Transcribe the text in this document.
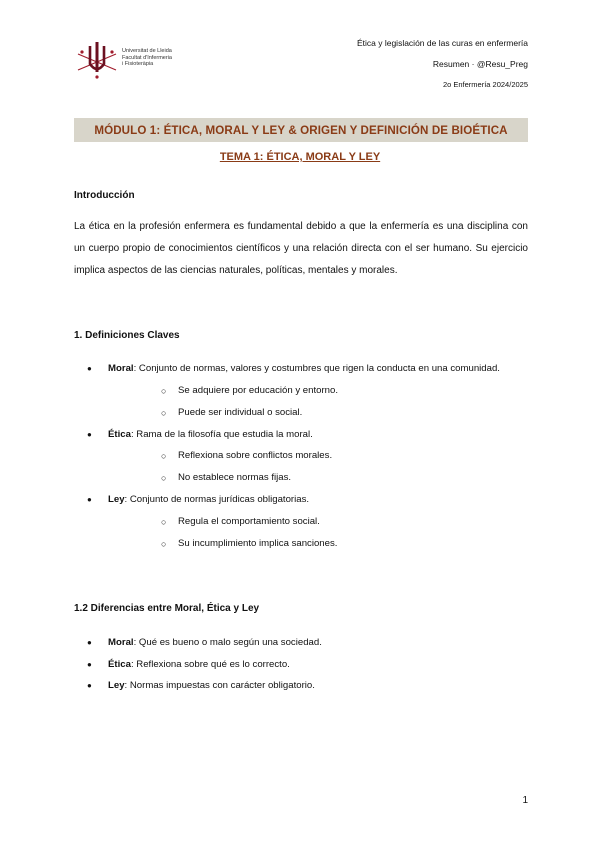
Universitat de Lleida
Facultat d'Infermeria
i Fisioteràpia
Ética y legislación de las curas en enfermería
Resumen · @Resu_Preg
2o Enfermería 2024/2025
MÓDULO 1: ÉTICA, MORAL Y LEY & ORIGEN Y DEFINICIÓN DE BIOÉTICA
TEMA 1: ÉTICA, MORAL Y LEY
Introducción
La ética en la profesión enfermera es fundamental debido a que la enfermería es una disciplina con un cuerpo propio de conocimientos científicos y una relación directa con el ser humano. Su ejercicio implica aspectos de las ciencias naturales, políticas, mentales y morales.
1. Definiciones Claves
● Moral: Conjunto de normas, valores y costumbres que rigen la conducta en una comunidad.
○ Se adquiere por educación y entorno.
○ Puede ser individual o social.
● Ética: Rama de la filosofía que estudia la moral.
○ Reflexiona sobre conflictos morales.
○ No establece normas fijas.
● Ley: Conjunto de normas jurídicas obligatorias.
○ Regula el comportamiento social.
○ Su incumplimiento implica sanciones.
1.2 Diferencias entre Moral, Ética y Ley
● Moral: Qué es bueno o malo según una sociedad.
● Ética: Reflexiona sobre qué es lo correcto.
● Ley: Normas impuestas con carácter obligatorio.
1
